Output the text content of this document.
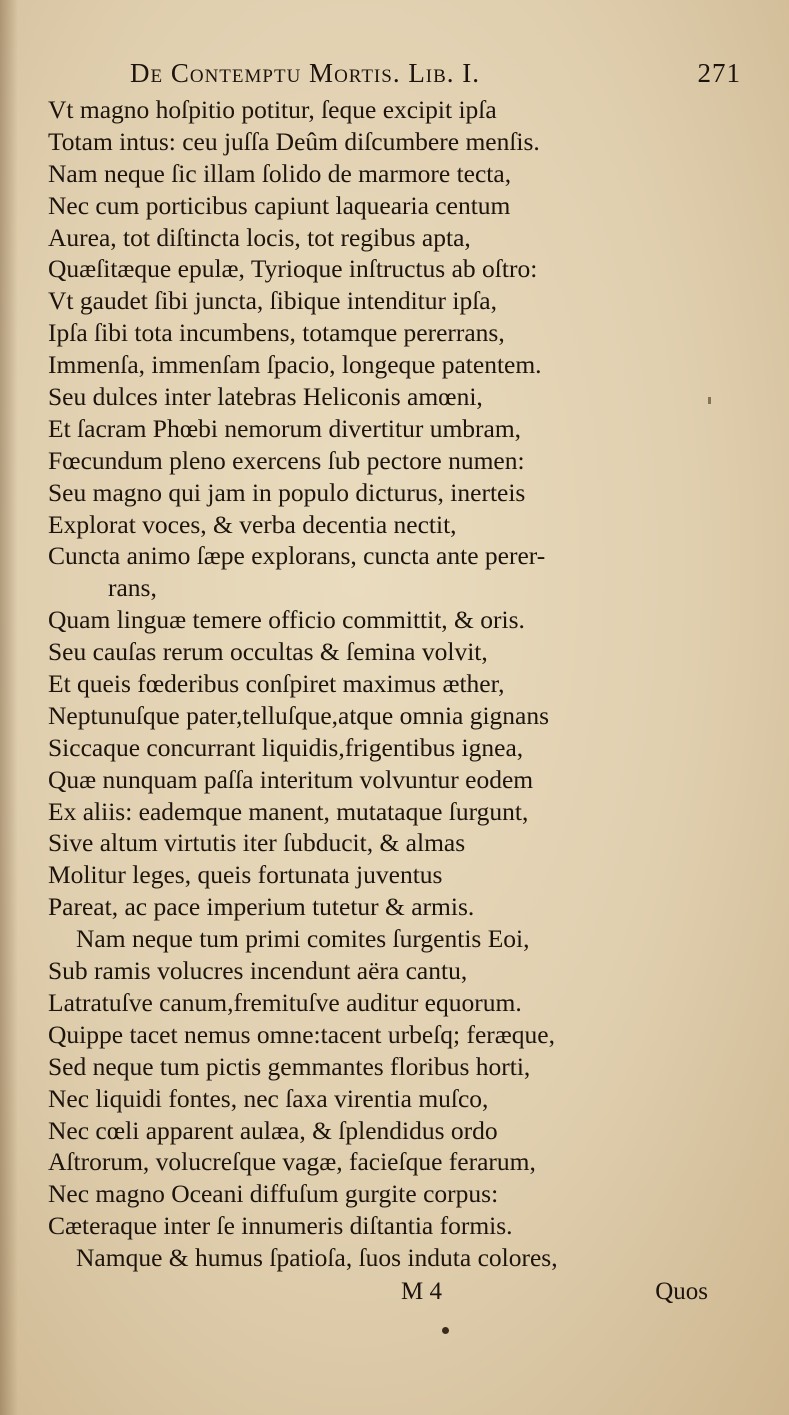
De Contemptu Mortis. Lib. I.	271
Vt magno hoſpitio potitur, ſeque excipit ipſa
Totam intus: ceu juſſa Deûm diſcumbere menſis.
Nam neque ſic illam ſolido de marmore tecta,
Nec cum porticibus capiunt laquearia centum
Aurea, tot diſtincta locis, tot regibus apta,
Quæſitæque epulæ, Tyrioque inſtructus ab oſtro:
Vt gaudet ſibi juncta, ſibique intenditur ipſa,
Ipſa ſibi tota incumbens, totamque pererrans,
Immenſa, immenſam ſpacio, longeque patentem.
Seu dulces inter latebras Heliconis amœni,
Et ſacram Phœbi nemorum divertitur umbram,
Fœcundum pleno exercens ſub pectore numen:
Seu magno qui jam in populo dicturus, inerteis
Explorat voces, & verba decentia nectit,
Cuncta animo ſæpe explorans, cuncta ante perer-
rans,
Quam linguæ temere officio committit, & oris.
Seu cauſas rerum occultas & ſemina volvit,
Et queis fœderibus conſpiret maximus æther,
Neptunuſque pater,telluſque,atque omnia gignans
Siccaque concurrant liquidis,frigentibus ignea,
Quæ nunquam paſſa interitum volvuntur eodem
Ex aliis: eademque manent, mutataque ſurgunt,
Sive altum virtutis iter ſubducit, & almas
Molitur leges, queis fortunata juventus
Pareat, ac pace imperium tutetur & armis.
Nam neque tum primi comites ſurgentis Eoi,
Sub ramis volucres incendunt aëra cantu,
Latratuſve canum,fremituſve auditur equorum.
Quippe tacet nemus omne:tacent urbeſq; feræque,
Sed neque tum pictis gemmantes floribus horti,
Nec liquidi fontes, nec ſaxa virentia muſco,
Nec cœli apparent aulæa, & ſplendidus ordo
Aſtrorum, volucreſque vagæ, facieſque ferarum,
Nec magno Oceani diffuſum gurgite corpus:
Cæteraque inter ſe innumeris diſtantia formis.
Namque & humus ſpatioſa, ſuos induta colores,
M 4	Quos
